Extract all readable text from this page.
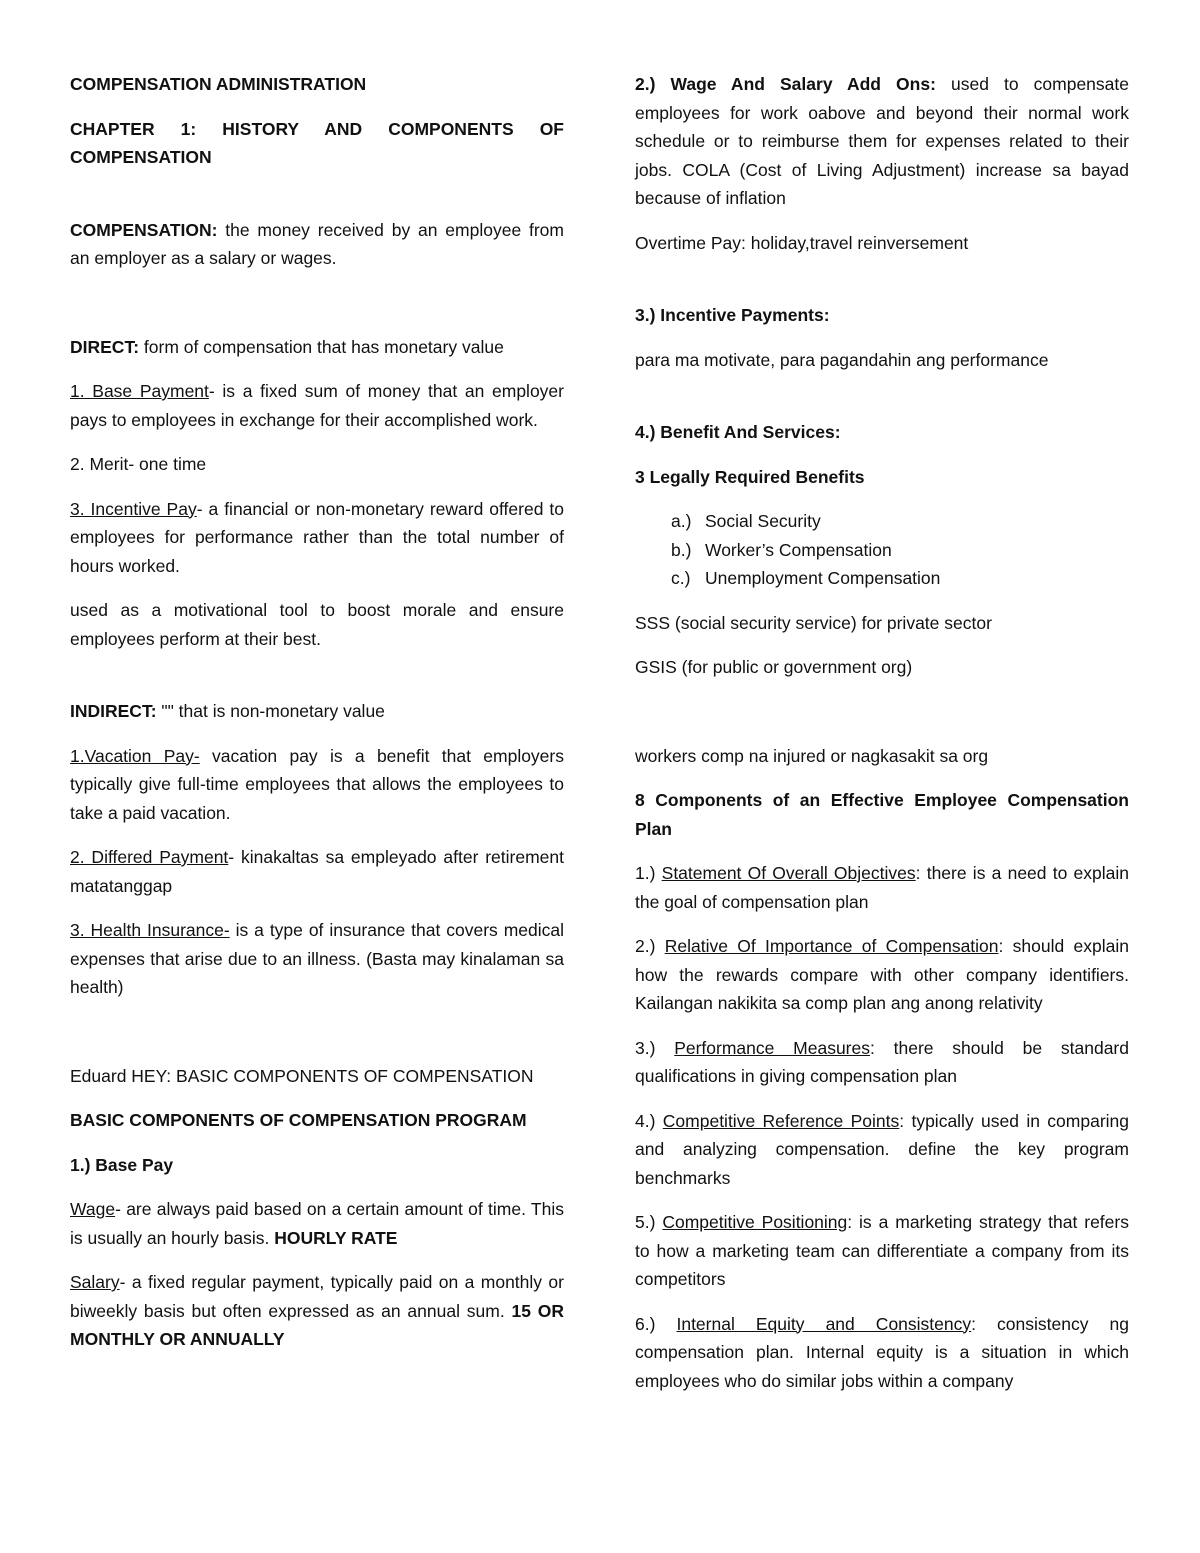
COMPENSATION ADMINISTRATION

CHAPTER 1: HISTORY AND COMPONENTS OF COMPENSATION

COMPENSATION: the money received by an employee from an employer as a salary or wages.

DIRECT: form of compensation that has monetary value

1. Base Payment- is a fixed sum of money that an employer pays to employees in exchange for their accomplished work.

2. Merit- one time

3. Incentive Pay- a financial or non-monetary reward offered to employees for performance rather than the total number of hours worked.

used as a motivational tool to boost morale and ensure employees perform at their best.

INDIRECT: "" that is non-monetary value

1.Vacation Pay- vacation pay is a benefit that employers typically give full-time employees that allows the employees to take a paid vacation.

2. Differed Payment- kinakaltas sa empleyado after retirement matatanggap

3. Health Insurance- is a type of insurance that covers medical expenses that arise due to an illness. (Basta may kinalaman sa health)

Eduard HEY: BASIC COMPONENTS OF COMPENSATION

BASIC COMPONENTS OF COMPENSATION PROGRAM

1.) Base Pay

Wage- are always paid based on a certain amount of time. This is usually an hourly basis. HOURLY RATE

Salary- a fixed regular payment, typically paid on a monthly or biweekly basis but often expressed as an annual sum. 15 OR MONTHLY OR ANNUALLY

2.) Wage And Salary Add Ons: used to compensate employees for work oabove and beyond their normal work schedule or to reimburse them for expenses related to their jobs. COLA (Cost of Living Adjustment) increase sa bayad because of inflation

Overtime Pay: holiday,travel reinversement

3.) Incentive Payments:

para ma motivate, para pagandahin ang performance

4.) Benefit And Services:

3 Legally Required Benefits

a.) Social Security
b.) Worker’s Compensation
c.) Unemployment Compensation

SSS (social security service) for private sector

GSIS (for public or government org)

workers comp na injured or nagkasakit sa org

8 Components of an Effective Employee Compensation Plan

1.) Statement Of Overall Objectives: there is a need to explain the goal of compensation plan

2.) Relative Of Importance of Compensation: should explain how the rewards compare with other company identifiers. Kailangan nakikita sa comp plan ang anong relativity

3.) Performance Measures: there should be standard qualifications in giving compensation plan

4.) Competitive Reference Points: typically used in comparing and analyzing compensation. define the key program benchmarks

5.) Competitive Positioning: is a marketing strategy that refers to how a marketing team can differentiate a company from its competitors

6.) Internal Equity and Consistency: consistency ng compensation plan. Internal equity is a situation in which employees who do similar jobs within a company
